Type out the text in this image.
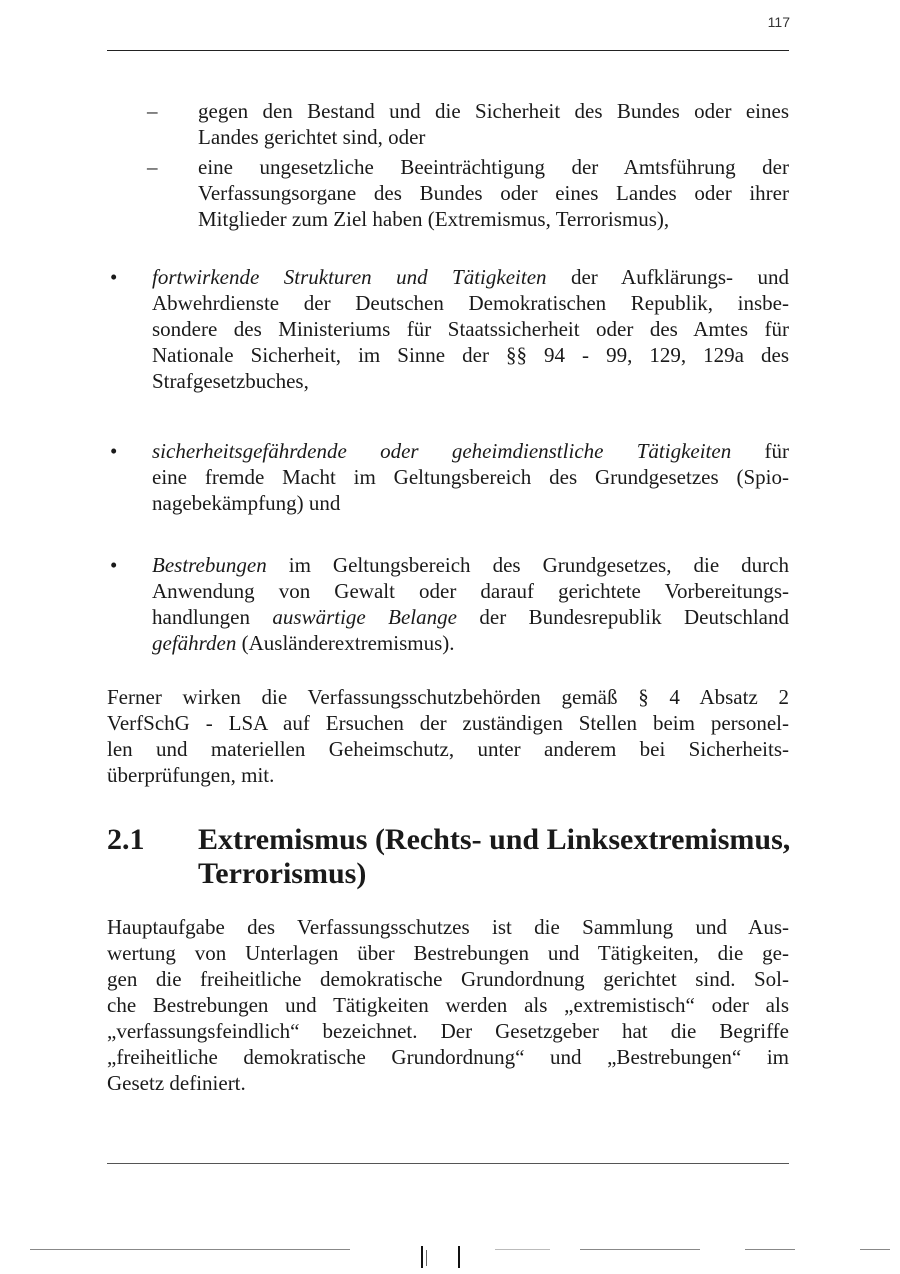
117
– gegen den Bestand und die Sicherheit des Bundes oder eines
Landes gerichtet sind, oder
– eine ungesetzliche Beeinträchtigung der Amtsführung der
Verfassungsorgane des Bundes oder eines Landes oder ihrer
Mitglieder zum Ziel haben (Extremismus, Terrorismus),
• fortwirkende Strukturen und Tätigkeiten der Aufklärungs- und
Abwehrdienste der Deutschen Demokratischen Republik, insbe-
sondere des Ministeriums für Staatssicherheit oder des Amtes für
Nationale Sicherheit, im Sinne der §§ 94 - 99, 129, 129a des
Strafgesetzbuches,
• sicherheitsgefährdende oder geheimdienstliche Tätigkeiten für
eine fremde Macht im Geltungsbereich des Grundgesetzes (Spio-
nagebekämpfung) und
• Bestrebungen im Geltungsbereich des Grundgesetzes, die durch
Anwendung von Gewalt oder darauf gerichtete Vorbereitungs-
handlungen auswärtige Belange der Bundesrepublik Deutschland
gefährden (Ausländerextremismus).
Ferner wirken die Verfassungsschutzbehörden gemäß § 4 Absatz 2
VerfSchG - LSA auf Ersuchen der zuständigen Stellen beim personel-
len und materiellen Geheimschutz, unter anderem bei Sicherheits-
überprüfungen, mit.
2.1 Extremismus (Rechts- und Linksextremismus,
Terrorismus)
Hauptaufgabe des Verfassungsschutzes ist die Sammlung und Aus-
wertung von Unterlagen über Bestrebungen und Tätigkeiten, die ge-
gen die freiheitliche demokratische Grundordnung gerichtet sind. Sol-
che Bestrebungen und Tätigkeiten werden als „extremistisch“ oder als
„verfassungsfeindlich“ bezeichnet. Der Gesetzgeber hat die Begriffe
„freiheitliche demokratische Grundordnung“ und „Bestrebungen“ im
Gesetz definiert.
